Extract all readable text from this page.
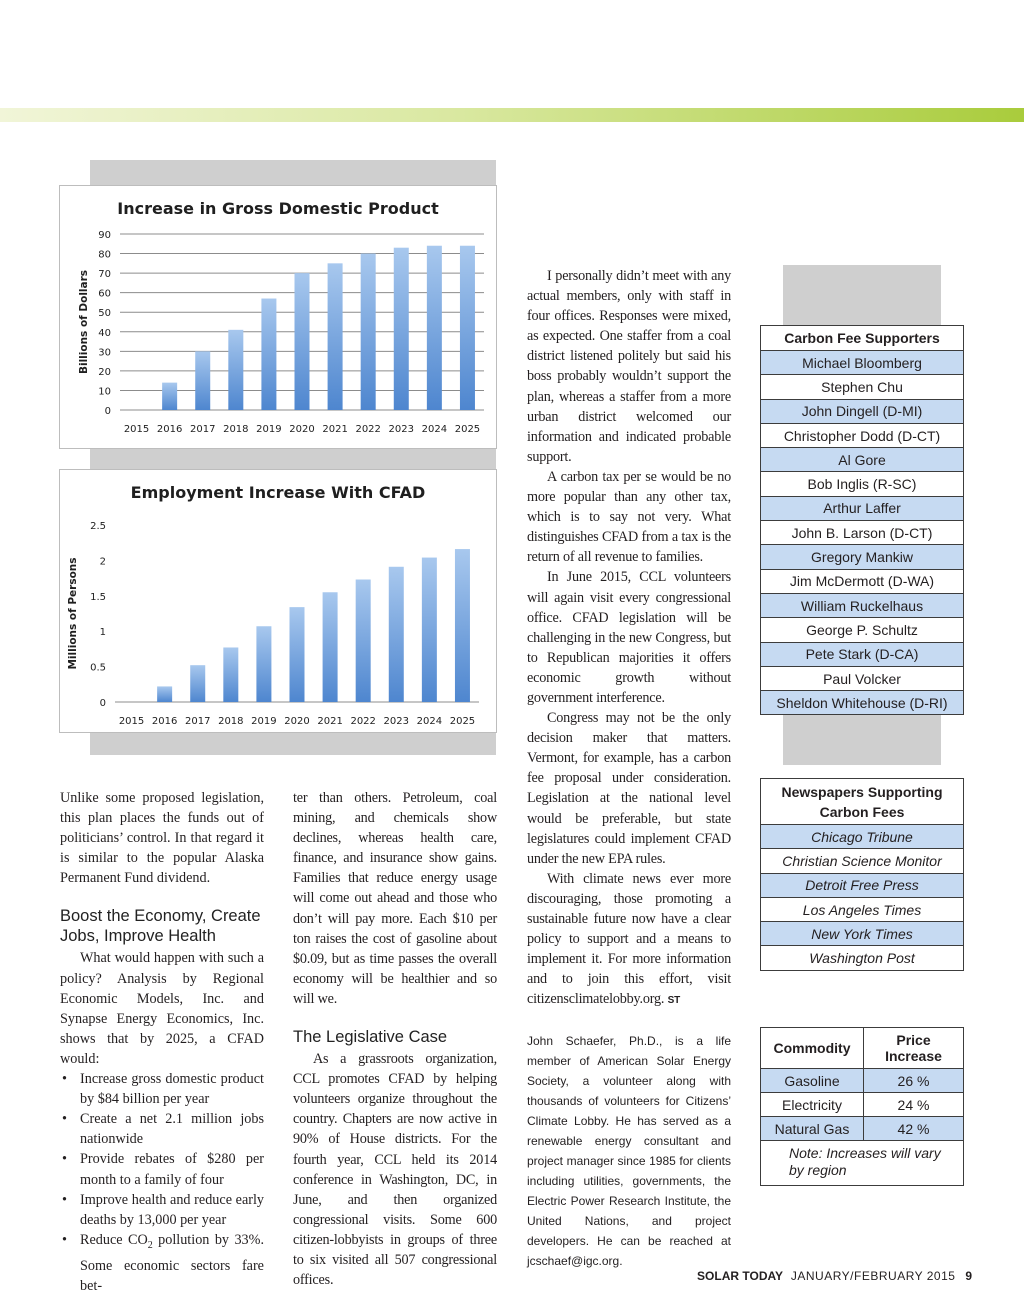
Increase in Gross Domestic Product
0
10
20
30
40
50
60
70
80
90
2015 2016 2017 2018 2019 2020 2021 2022 2023 2024 2025
Billions of Dollars
Employment Increase With CFAD
0
0.5
1
1.5
2
2.5
2015 2016 2017 2018 2019 2020 2021 2022 2023 2024 2025
Millions of Persons

Unlike some proposed legislation, this plan places the funds out of politicians’ control. In that regard it is similar to the popular Alaska Permanent Fund dividend.

Boost the Economy, Create Jobs, Improve Health

What would happen with such a policy? Analysis by Regional Economic Models, Inc. and Synapse Energy Economics, Inc. shows that by 2025, a CFAD would:

• Increase gross domestic product by $84 billion per year
• Create a net 2.1 million jobs nationwide
• Provide rebates of $280 per month to a family of four
• Improve health and reduce early deaths by 13,000 per year
• Reduce $CO_2$ pollution by 33%. Some economic sectors fare bet-

ter than others. Petroleum, coal mining, and chemicals show declines, whereas health care, finance, and insurance show gains. Families that reduce energy usage will come out ahead and those who don’t will pay more. Each $10 per ton raises the cost of gasoline about $0.09, but as time passes the overall economy will be healthier and so will we.

The Legislative Case

As a grassroots organization, CCL promotes CFAD by helping volunteers organize throughout the country. Chapters are now active in 90% of House districts. For the fourth year, CCL held its 2014 conference in Washington, DC, in June, and then organized congressional visits. Some 600 citizen-lobbyists in groups of three to six visited all 507 congressional offices.

I personally didn’t meet with any actual members, only with staff in four offices. Responses were mixed, as expected. One staffer from a coal district listened politely but said his boss probably wouldn’t support the plan, whereas a staffer from a more urban district welcomed our information and indicated probable support.

A carbon tax per se would be no more popular than any other tax, which is to say not very. What distinguishes CFAD from a tax is the return of all revenue to families.

In June 2015, CCL volunteers will again visit every congressional office. CFAD legislation will be challenging in the new Congress, but to Republican majorities it offers economic growth without government interference.

Congress may not be the only decision maker that matters. Vermont, for example, has a carbon fee proposal under consideration. Legislation at the national level would be preferable, but state legislatures could implement CFAD under the new EPA rules.

With climate news ever more discouraging, those promoting a sustainable future now have a clear policy to support and a means to implement it. For more information and to join this effort, visit citizensclimatelobby.org. ST

John Schaefer, Ph.D., is a life member of American Solar Energy Society, a volunteer along with thousands of volunteers for Citizens’ Climate Lobby. He has served as a renewable energy consultant and project manager since 1985 for clients including utilities, governments, the Electric Power Research Institute, the United Nations, and project developers. He can be reached at jcschaef@igc.org.

Carbon Fee Supporters
Michael Bloomberg
Stephen Chu
John Dingell (D-MI)
Christopher Dodd (D-CT)
Al Gore
Bob Inglis (R-SC)
Arthur Laffer
John B. Larson (D-CT)
Gregory Mankiw
Jim McDermott (D-WA)
William Ruckelhaus
George P. Schultz
Pete Stark (D-CA)
Paul Volcker
Sheldon Whitehouse (D-RI)
Newspapers Supporting Carbon Fees
Chicago Tribune
Christian Science Monitor
Detroit Free Press
Los Angeles Times
New York Times
Washington Post
Commodity	Price Increase
Gasoline	26 %
Electricity	24 %
Natural Gas	42 %
Note: Increases will vary by region	
SOLAR TODAY JANUARY/FEBRUARY 2015 9
